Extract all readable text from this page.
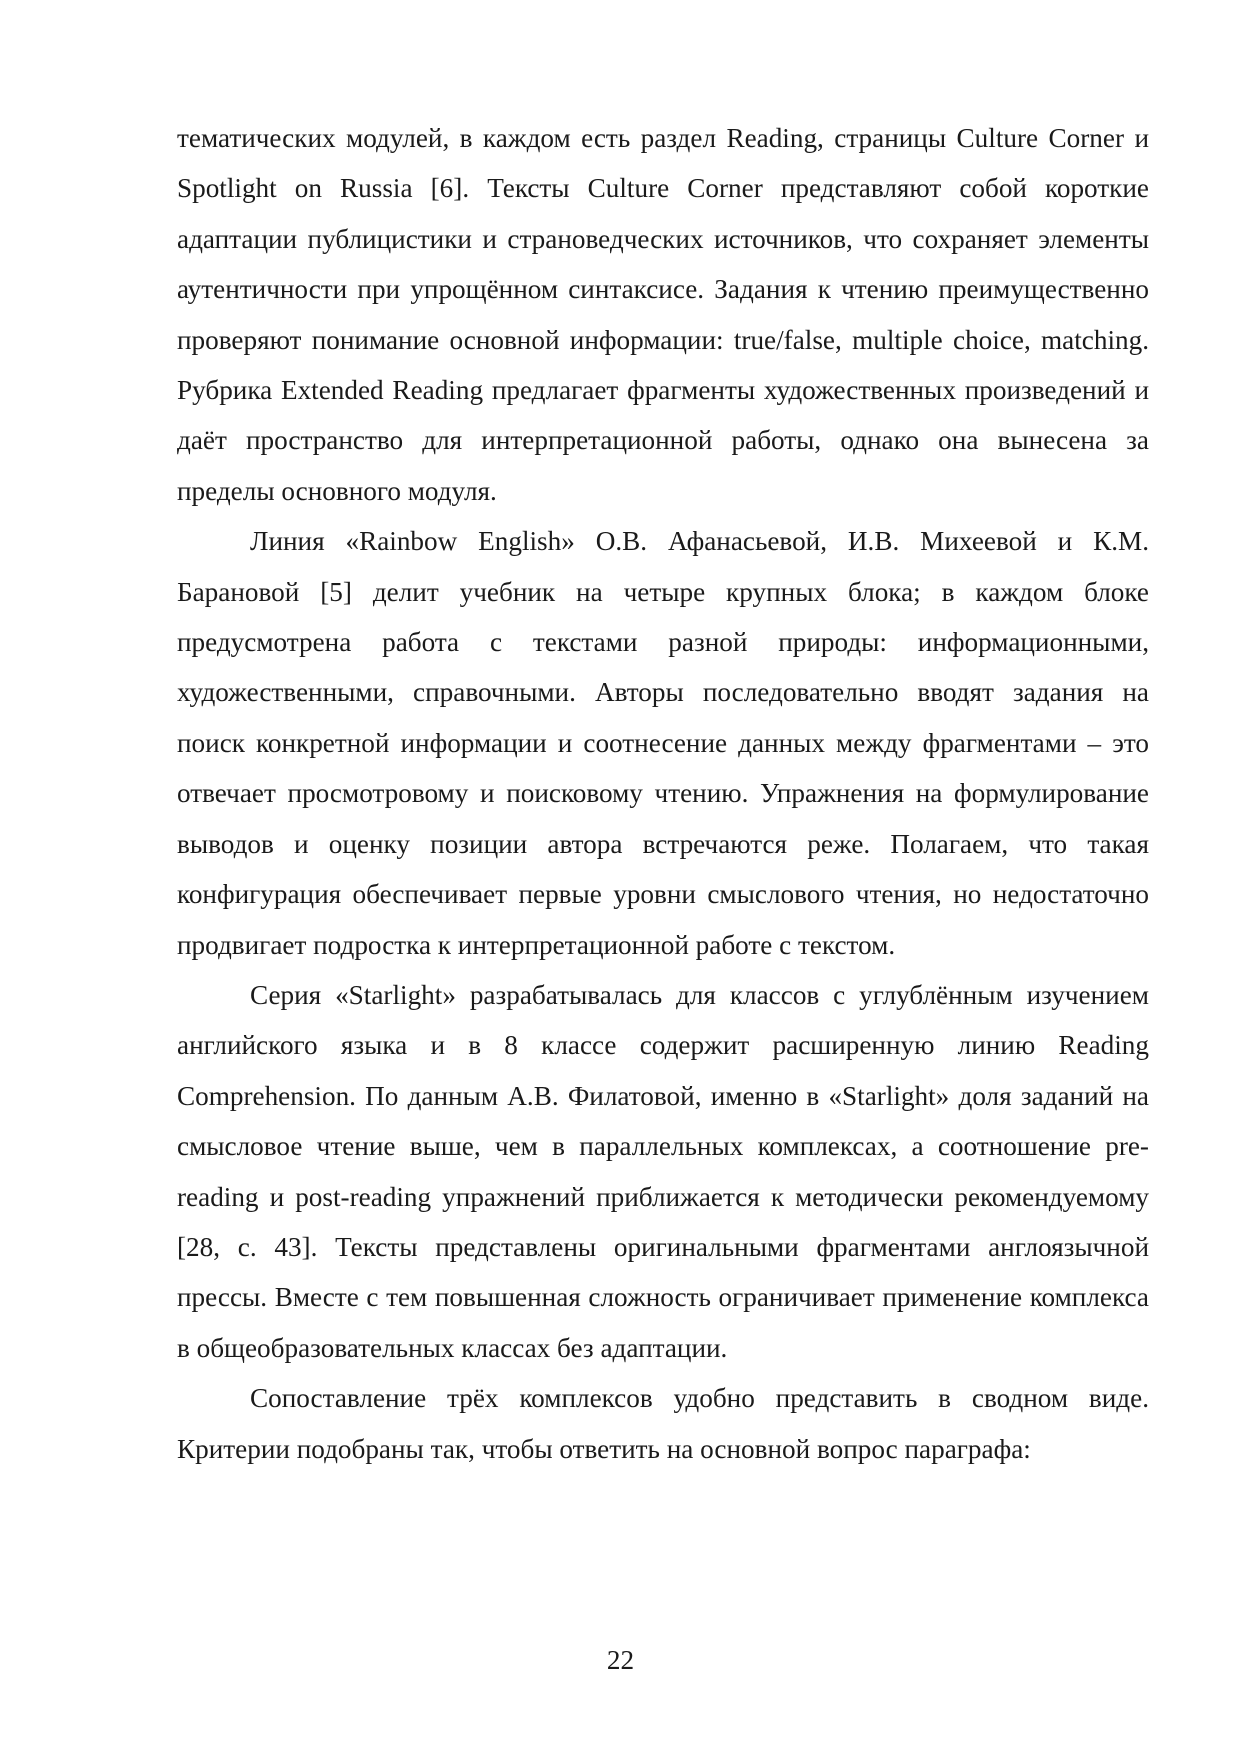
тематических модулей, в каждом есть раздел Reading, страницы Culture Corner и Spotlight on Russia [6]. Тексты Culture Corner представляют собой короткие адаптации публицистики и страноведческих источников, что сохраняет элементы аутентичности при упрощённом синтаксисе. Задания к чтению преимущественно проверяют понимание основной информации: true/false, multiple choice, matching. Рубрика Extended Reading предлагает фрагменты художественных произведений и даёт пространство для интерпретационной работы, однако она вынесена за пределы основного модуля.

Линия «Rainbow English» О.В. Афанасьевой, И.В. Михеевой и К.М. Барановой [5] делит учебник на четыре крупных блока; в каждом блоке предусмотрена работа с текстами разной природы: информационными, художественными, справочными. Авторы последовательно вводят задания на поиск конкретной информации и соотнесение данных между фрагментами – это отвечает просмотровому и поисковому чтению. Упражнения на формулирование выводов и оценку позиции автора встречаются реже. Полагаем, что такая конфигурация обеспечивает первые уровни смыслового чтения, но недостаточно продвигает подростка к интерпретационной работе с текстом.

Серия «Starlight» разрабатывалась для классов с углублённым изучением английского языка и в 8 классе содержит расширенную линию Reading Comprehension. По данным А.В. Филатовой, именно в «Starlight» доля заданий на смысловое чтение выше, чем в параллельных комплексах, а соотношение pre-reading и post-reading упражнений приближается к методически рекомендуемому [28, с. 43]. Тексты представлены оригинальными фрагментами англоязычной прессы. Вместе с тем повышенная сложность ограничивает применение комплекса в общеобразовательных классах без адаптации.

Сопоставление трёх комплексов удобно представить в сводном виде. Критерии подобраны так, чтобы ответить на основной вопрос параграфа:

22
